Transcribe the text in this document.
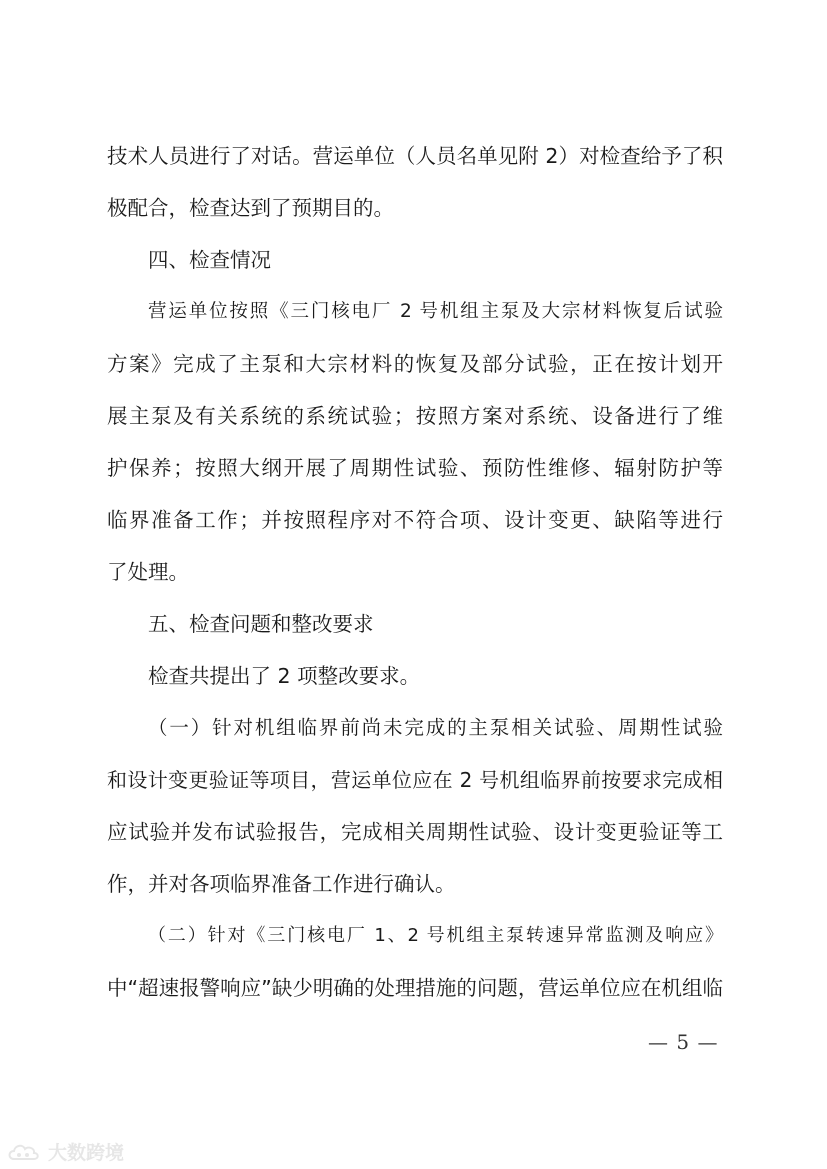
技术人员进行了对话。营运单位（人员名单见附 2）对检查给予了积
极配合，检查达到了预期目的。
四、检查情况
营运单位按照《三门核电厂 2 号机组主泵及大宗材料恢复后试验
方案》完成了主泵和大宗材料的恢复及部分试验，正在按计划开
展主泵及有关系统的系统试验；按照方案对系统、设备进行了维
护保养；按照大纲开展了周期性试验、预防性维修、辐射防护等
临界准备工作；并按照程序对不符合项、设计变更、缺陷等进行
了处理。
五、检查问题和整改要求
检查共提出了 2 项整改要求。
（一）针对机组临界前尚未完成的主泵相关试验、周期性试验
和设计变更验证等项目，营运单位应在 2 号机组临界前按要求完成相
应试验并发布试验报告，完成相关周期性试验、设计变更验证等工
作，并对各项临界准备工作进行确认。
（二）针对《三门核电厂 1、2 号机组主泵转速异常监测及响应》
中“超速报警响应”缺少明确的处理措施的问题，营运单位应在机组临
— 5 —
大数跨境
